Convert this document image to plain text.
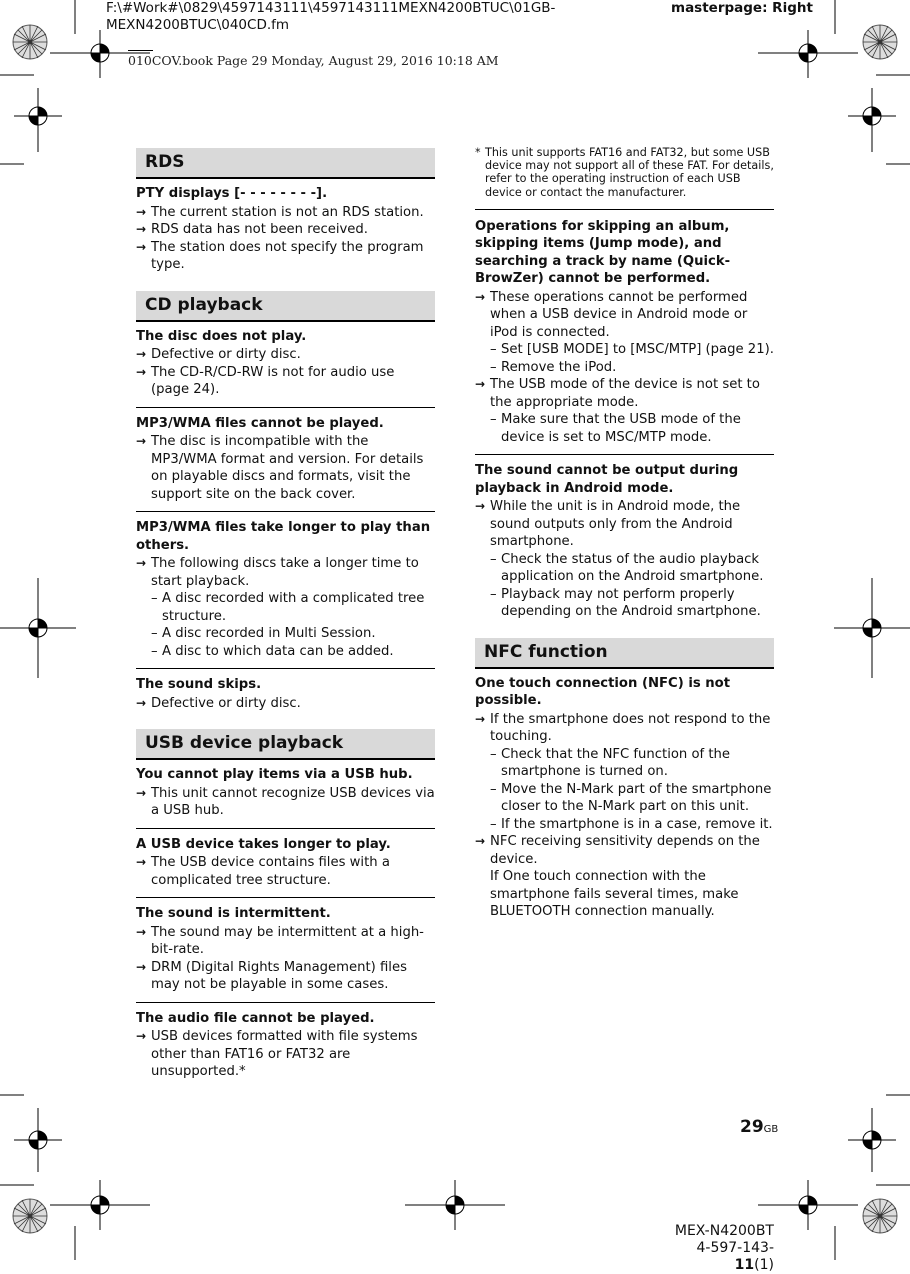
F:\#Work#\0829\4597143111\4597143111MEXN4200BTUC\01GB-
MEXN4200BTUC\040CD.fm
masterpage: Right
010COV.book Page 29 Monday, August 29, 2016 10:18 AM
RDS
PTY displays [- - - - - - - -].
→ The current station is not an RDS station.
→ RDS data has not been received.
→ The station does not specify the program type.
CD playback
The disc does not play.
→ Defective or dirty disc.
→ The CD-R/CD-RW is not for audio use (page 24).
MP3/WMA files cannot be played.
→ The disc is incompatible with the MP3/WMA format and version. For details on playable discs and formats, visit the support site on the back cover.
MP3/WMA files take longer to play than others.
→ The following discs take a longer time to start playback.
– A disc recorded with a complicated tree structure.
– A disc recorded in Multi Session.
– A disc to which data can be added.
The sound skips.
→ Defective or dirty disc.
USB device playback
You cannot play items via a USB hub.
→ This unit cannot recognize USB devices via a USB hub.
A USB device takes longer to play.
→ The USB device contains files with a complicated tree structure.
The sound is intermittent.
→ The sound may be intermittent at a high-bit-rate.
→ DRM (Digital Rights Management) files may not be playable in some cases.
The audio file cannot be played.
→ USB devices formatted with file systems other than FAT16 or FAT32 are unsupported.*
* This unit supports FAT16 and FAT32, but some USB device may not support all of these FAT. For details, refer to the operating instruction of each USB device or contact the manufacturer.
Operations for skipping an album, skipping items (Jump mode), and searching a track by name (Quick-BrowZer) cannot be performed.
→ These operations cannot be performed when a USB device in Android mode or iPod is connected.
– Set [USB MODE] to [MSC/MTP] (page 21).
– Remove the iPod.
→ The USB mode of the device is not set to the appropriate mode.
– Make sure that the USB mode of the device is set to MSC/MTP mode.
The sound cannot be output during playback in Android mode.
→ While the unit is in Android mode, the sound outputs only from the Android smartphone.
– Check the status of the audio playback application on the Android smartphone.
– Playback may not perform properly depending on the Android smartphone.
NFC function
One touch connection (NFC) is not possible.
→ If the smartphone does not respond to the touching.
– Check that the NFC function of the smartphone is turned on.
– Move the N-Mark part of the smartphone closer to the N-Mark part on this unit.
– If the smartphone is in a case, remove it.
→ NFC receiving sensitivity depends on the device.
If One touch connection with the smartphone fails several times, make BLUETOOTH connection manually.
29GB
MEX-N4200BT
4-597-143-11(1)
